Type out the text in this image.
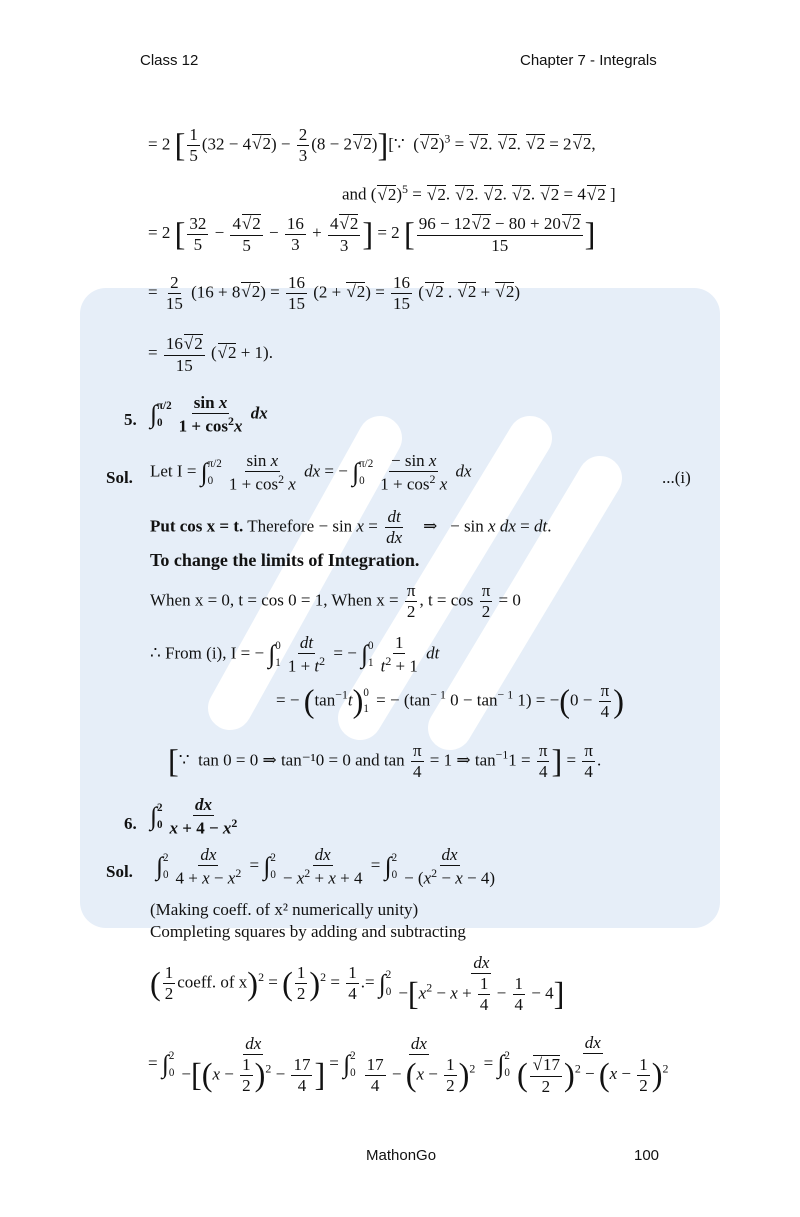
Class 12	Chapter 7 - Integrals
= 2 [ $\frac{1}{5} (32 - 4√$ $2) - \frac{2}{3} (8 - 2√$ 2)][∵  (√ 2)$^3$ = √ 2. √ 2. √ 2 = 2√ 2,
and (√ 2)$^5$ = √ 2. √ 2. √ 2. √ 2. √ 2 = 4√ 2 ]
= 2 [ $\frac{32}{5} - \frac{4√ 2}{5} - \frac{16}{3} + \frac{4√ 2}{3}$ ] = 2 [ $\frac{96 - 12√ 2 - 80 + 20√ 2}{15}$ ]
= $\frac{2}{15} (16 + 8√$ $2) = \frac{16}{15} (2$ + √ $2) = \frac{16}{15}$ (√ 2 . √ 2 + √ 2)
= $\frac{16√ 2}{15}$ (√ 2 + 1).
5. ∫ π/2
$0 \frac{\text{sin x}}{1 + \cos^2x}$ dx
Sol. Let I = ∫ π/2
$0 \frac{\text{sin x}}{1 + \cos^2 x}$ dx = − ∫ π/2
$0 \frac{\text{− sin x}}{1 + \cos^2 x}$ dx	...(i)
Put cos x = t. Therefore − $\sin x = \frac{dt}{dx}$ ⇒   − sin x dx = dt.
To change the limits of Integration.
When x = 0, t = cos 0 = 1, When $x = \frac{\pi}{2}$ , $t = \cos \frac{\pi}{2} = 0$
∴ From (i), I = − ∫ 0
$1 \frac{dt}{1 + t^2}$ = − ∫ 0
$1 \frac{1}{t^2 + 1}$ dt
= − $(\tan^{-1}t)$ 0
1
= − ($\tan^{- 1}$ $0 - \tan^{- 1} 1) = -(0 - \frac{\pi}{4}$ )
[∵  tan 0 = 0 ⇒ tan⁻¹0 = 0 and $\tan \frac{\pi}{4} = 1$ ⇒ $\tan^{-1}1 = \frac{\pi}{4}$ ] = $\frac{\pi}{4}$ .
6. ∫ 2
$0 \frac{dx}{x + 4 - x^2}$
Sol. ∫ 2
$0 \frac{dx}{4 + x - x^2}$ = ∫ 2
$0 \frac{dx}{- x^2 + x + 4}$ = ∫ 2
$0 \frac{dx}{- (x^2 - x - 4)}$
(Making coeff. of x² numerically unity)
Completing squares by adding and subtracting
( $\frac{1}{2}$ coeff. of x)$^2$ = ( $\frac{1}{2} )^2 = \frac{1}{4}$ .= ∫ 2
$0 \frac{dx}{-[x^2 - x + \frac{1}{4} - \frac{1}{4} - 4]}$
= ∫ 2
$0 \frac{dx}{-[(x - \frac{1}{2} )^2 - \frac{17}{4} ]}$ = ∫ 2
$0 \frac{dx}{\frac{17}{4} - (x - \frac{1}{2} )^2}$ = ∫ 2
0 dx
(
√ $\frac{17}{2} )^2 - (x - \frac{1}{2} )^2$
MathonGo	100
